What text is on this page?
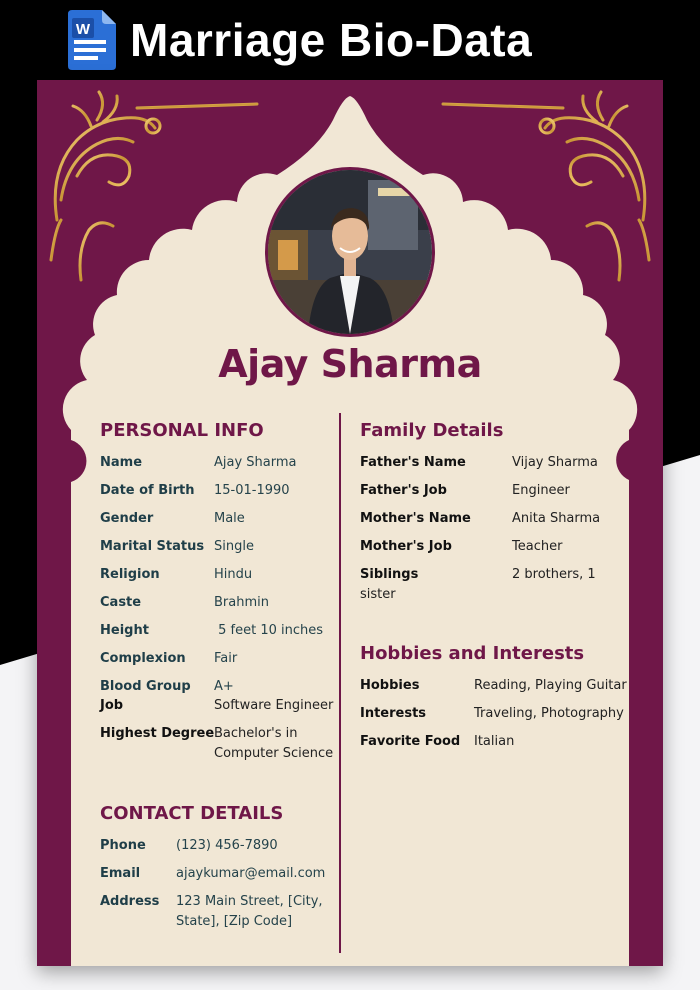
W Marriage Bio-Data
Ajay Sharma
PERSONAL INFO
Name	Ajay Sharma
Date of Birth 15-01-1990
Gender	Male
Marital Status Single
Religion	Hindu
Caste	Brahmin
Height	5 feet 10 inches
Complexion Fair
Blood Group A+
Job	Software Engineer
Highest Degree Bachelor's in
Computer Science
CONTACT DETAILS
Phone (123) 456-7890
Email	ajaykumar@email.com
Address 123 Main Street, [City,
State], [Zip Code]
Family Details
Father's Name	Vijay Sharma
Father's Job	Engineer
Mother's Name	Anita Sharma
Mother's Job	Teacher
Siblings	2 brothers, 1
sister
Hobbies and Interests
Hobbies	Reading, Playing Guitar
Interests	Traveling, Photography
Favorite Food Italian
